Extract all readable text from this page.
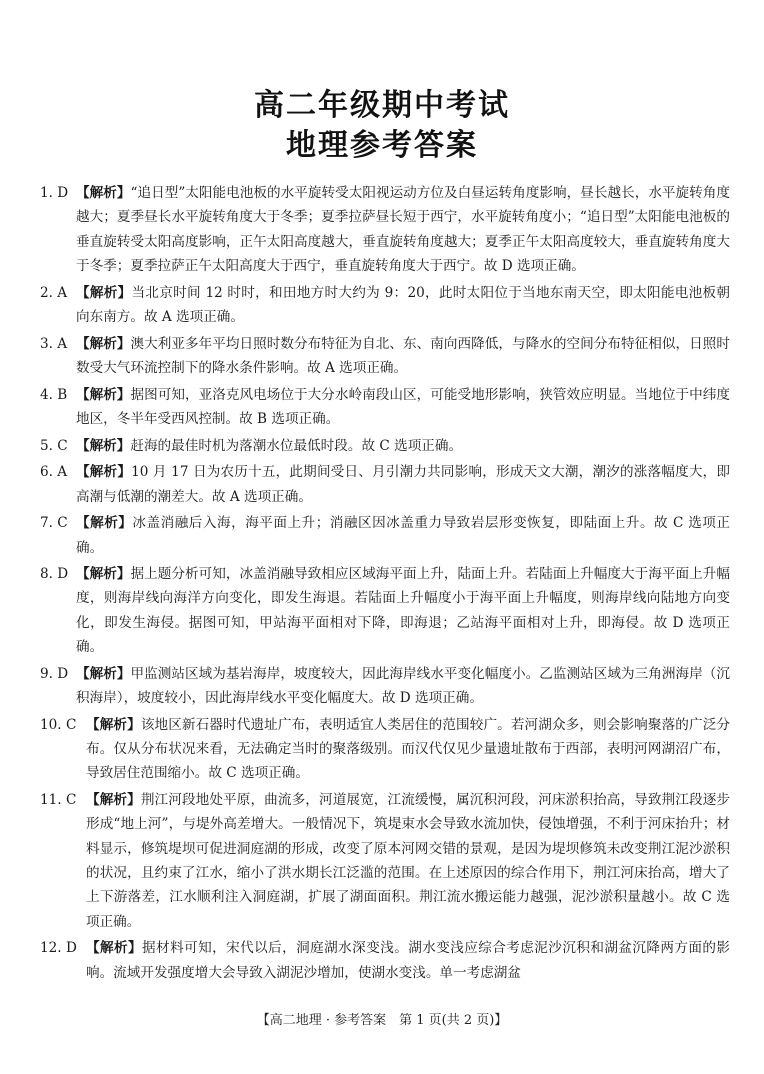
高二年级期中考试
地理参考答案
1. D 【解析】“追日型”太阳能电池板的水平旋转受太阳视运动方位及白昼运转角度影响，昼长越长，水平旋转角度越大；夏季昼长水平旋转角度大于冬季；夏季拉萨昼长短于西宁，水平旋转角度小；“追日型”太阳能电池板的垂直旋转受太阳高度影响，正午太阳高度越大，垂直旋转角度越大；夏季正午太阳高度较大，垂直旋转角度大于冬季；夏季拉萨正午太阳高度大于西宁，垂直旋转角度大于西宁。故 D 选项正确。
2. A 【解析】当北京时间 12 时时，和田地方时大约为 9：20，此时太阳位于当地东南天空，即太阳能电池板朝向东南方。故 A 选项正确。
3. A 【解析】澳大利亚多年平均日照时数分布特征为自北、东、南向西降低，与降水的空间分布特征相似，日照时数受大气环流控制下的降水条件影响。故 A 选项正确。
4. B 【解析】据图可知，亚洛克风电场位于大分水岭南段山区，可能受地形影响，狭管效应明显。当地位于中纬度地区，冬半年受西风控制。故 B 选项正确。
5. C 【解析】赶海的最佳时机为落潮水位最低时段。故 C 选项正确。
6. A 【解析】10 月 17 日为农历十五，此期间受日、月引潮力共同影响，形成天文大潮，潮汐的涨落幅度大，即高潮与低潮的潮差大。故 A 选项正确。
7. C 【解析】冰盖消融后入海，海平面上升；消融区因冰盖重力导致岩层形变恢复，即陆面上升。故 C 选项正确。
8. D 【解析】据上题分析可知，冰盖消融导致相应区域海平面上升，陆面上升。若陆面上升幅度大于海平面上升幅度，则海岸线向海洋方向变化，即发生海退。若陆面上升幅度小于海平面上升幅度，则海岸线向陆地方向变化，即发生海侵。据图可知，甲站海平面相对下降，即海退；乙站海平面相对上升，即海侵。故 D 选项正确。
9. D 【解析】甲监测站区域为基岩海岸，坡度较大，因此海岸线水平变化幅度小。乙监测站区域为三角洲海岸（沉积海岸），坡度较小，因此海岸线水平变化幅度大。故 D 选项正确。
10. C 【解析】该地区新石器时代遗址广布，表明适宜人类居住的范围较广。若河湖众多，则会影响聚落的广泛分布。仅从分布状况来看，无法确定当时的聚落级别。而汉代仅见少量遗址散布于西部，表明河网湖沼广布，导致居住范围缩小。故 C 选项正确。
11. C 【解析】荆江河段地处平原，曲流多，河道展宽，江流缓慢，属沉积河段，河床淤积抬高，导致荆江段逐步形成“地上河”，与堤外高差增大。一般情况下，筑堤束水会导致水流加快，侵蚀增强，不利于河床抬升；材料显示，修筑堤坝可促进洞庭湖的形成，改变了原本河网交错的景观，是因为堤坝修筑未改变荆江泥沙淤积的状况，且约束了江水，缩小了洪水期长江泛滥的范围。在上述原因的综合作用下，荆江河床抬高，增大了上下游落差，江水顺利注入洞庭湖，扩展了湖面面积。荆江流水搬运能力越强，泥沙淤积量越小。故 C 选项正确。
12. D 【解析】据材料可知，宋代以后，洞庭湖水深变浅。湖水变浅应综合考虑泥沙沉积和湖盆沉降两方面的影响。流域开发强度增大会导致入湖泥沙增加，使湖水变浅。单一考虑湖盆
【高二地理 · 参考答案　第 1 页(共 2 页)】
